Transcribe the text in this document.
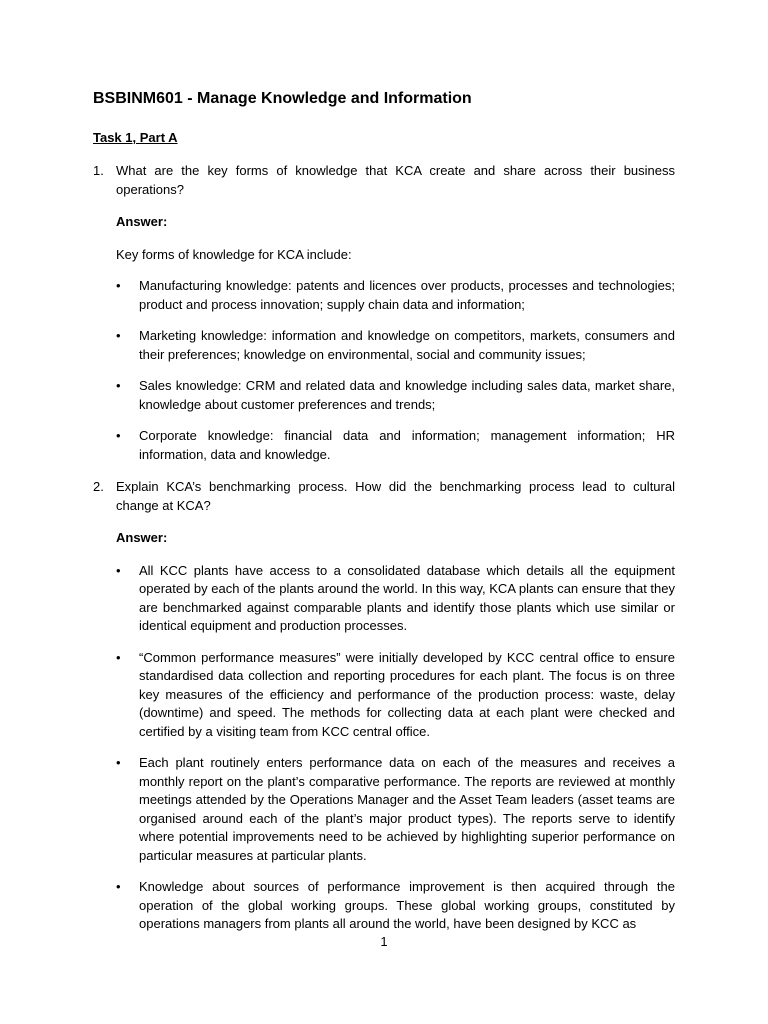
BSBINM601 - Manage Knowledge and Information
Task 1, Part A
1. What are the key forms of knowledge that KCA create and share across their business operations?
Answer:
Key forms of knowledge for KCA include:
• Manufacturing knowledge: patents and licences over products, processes and technologies; product and process innovation; supply chain data and information;
• Marketing knowledge: information and knowledge on competitors, markets, consumers and their preferences; knowledge on environmental, social and community issues;
• Sales knowledge: CRM and related data and knowledge including sales data, market share, knowledge about customer preferences and trends;
• Corporate knowledge: financial data and information; management information; HR information, data and knowledge.
2. Explain KCA’s benchmarking process. How did the benchmarking process lead to cultural change at KCA?
Answer:
• All KCC plants have access to a consolidated database which details all the equipment operated by each of the plants around the world. In this way, KCA plants can ensure that they are benchmarked against comparable plants and identify those plants which use similar or identical equipment and production processes.
• “Common performance measures” were initially developed by KCC central office to ensure standardised data collection and reporting procedures for each plant. The focus is on three key measures of the efficiency and performance of the production process: waste, delay (downtime) and speed. The methods for collecting data at each plant were checked and certified by a visiting team from KCC central office.
• Each plant routinely enters performance data on each of the measures and receives a monthly report on the plant’s comparative performance. The reports are reviewed at monthly meetings attended by the Operations Manager and the Asset Team leaders (asset teams are organised around each of the plant’s major product types). The reports serve to identify where potential improvements need to be achieved by highlighting superior performance on particular measures at particular plants.
• Knowledge about sources of performance improvement is then acquired through the operation of the global working groups. These global working groups, constituted by operations managers from plants all around the world, have been designed by KCC as
1
